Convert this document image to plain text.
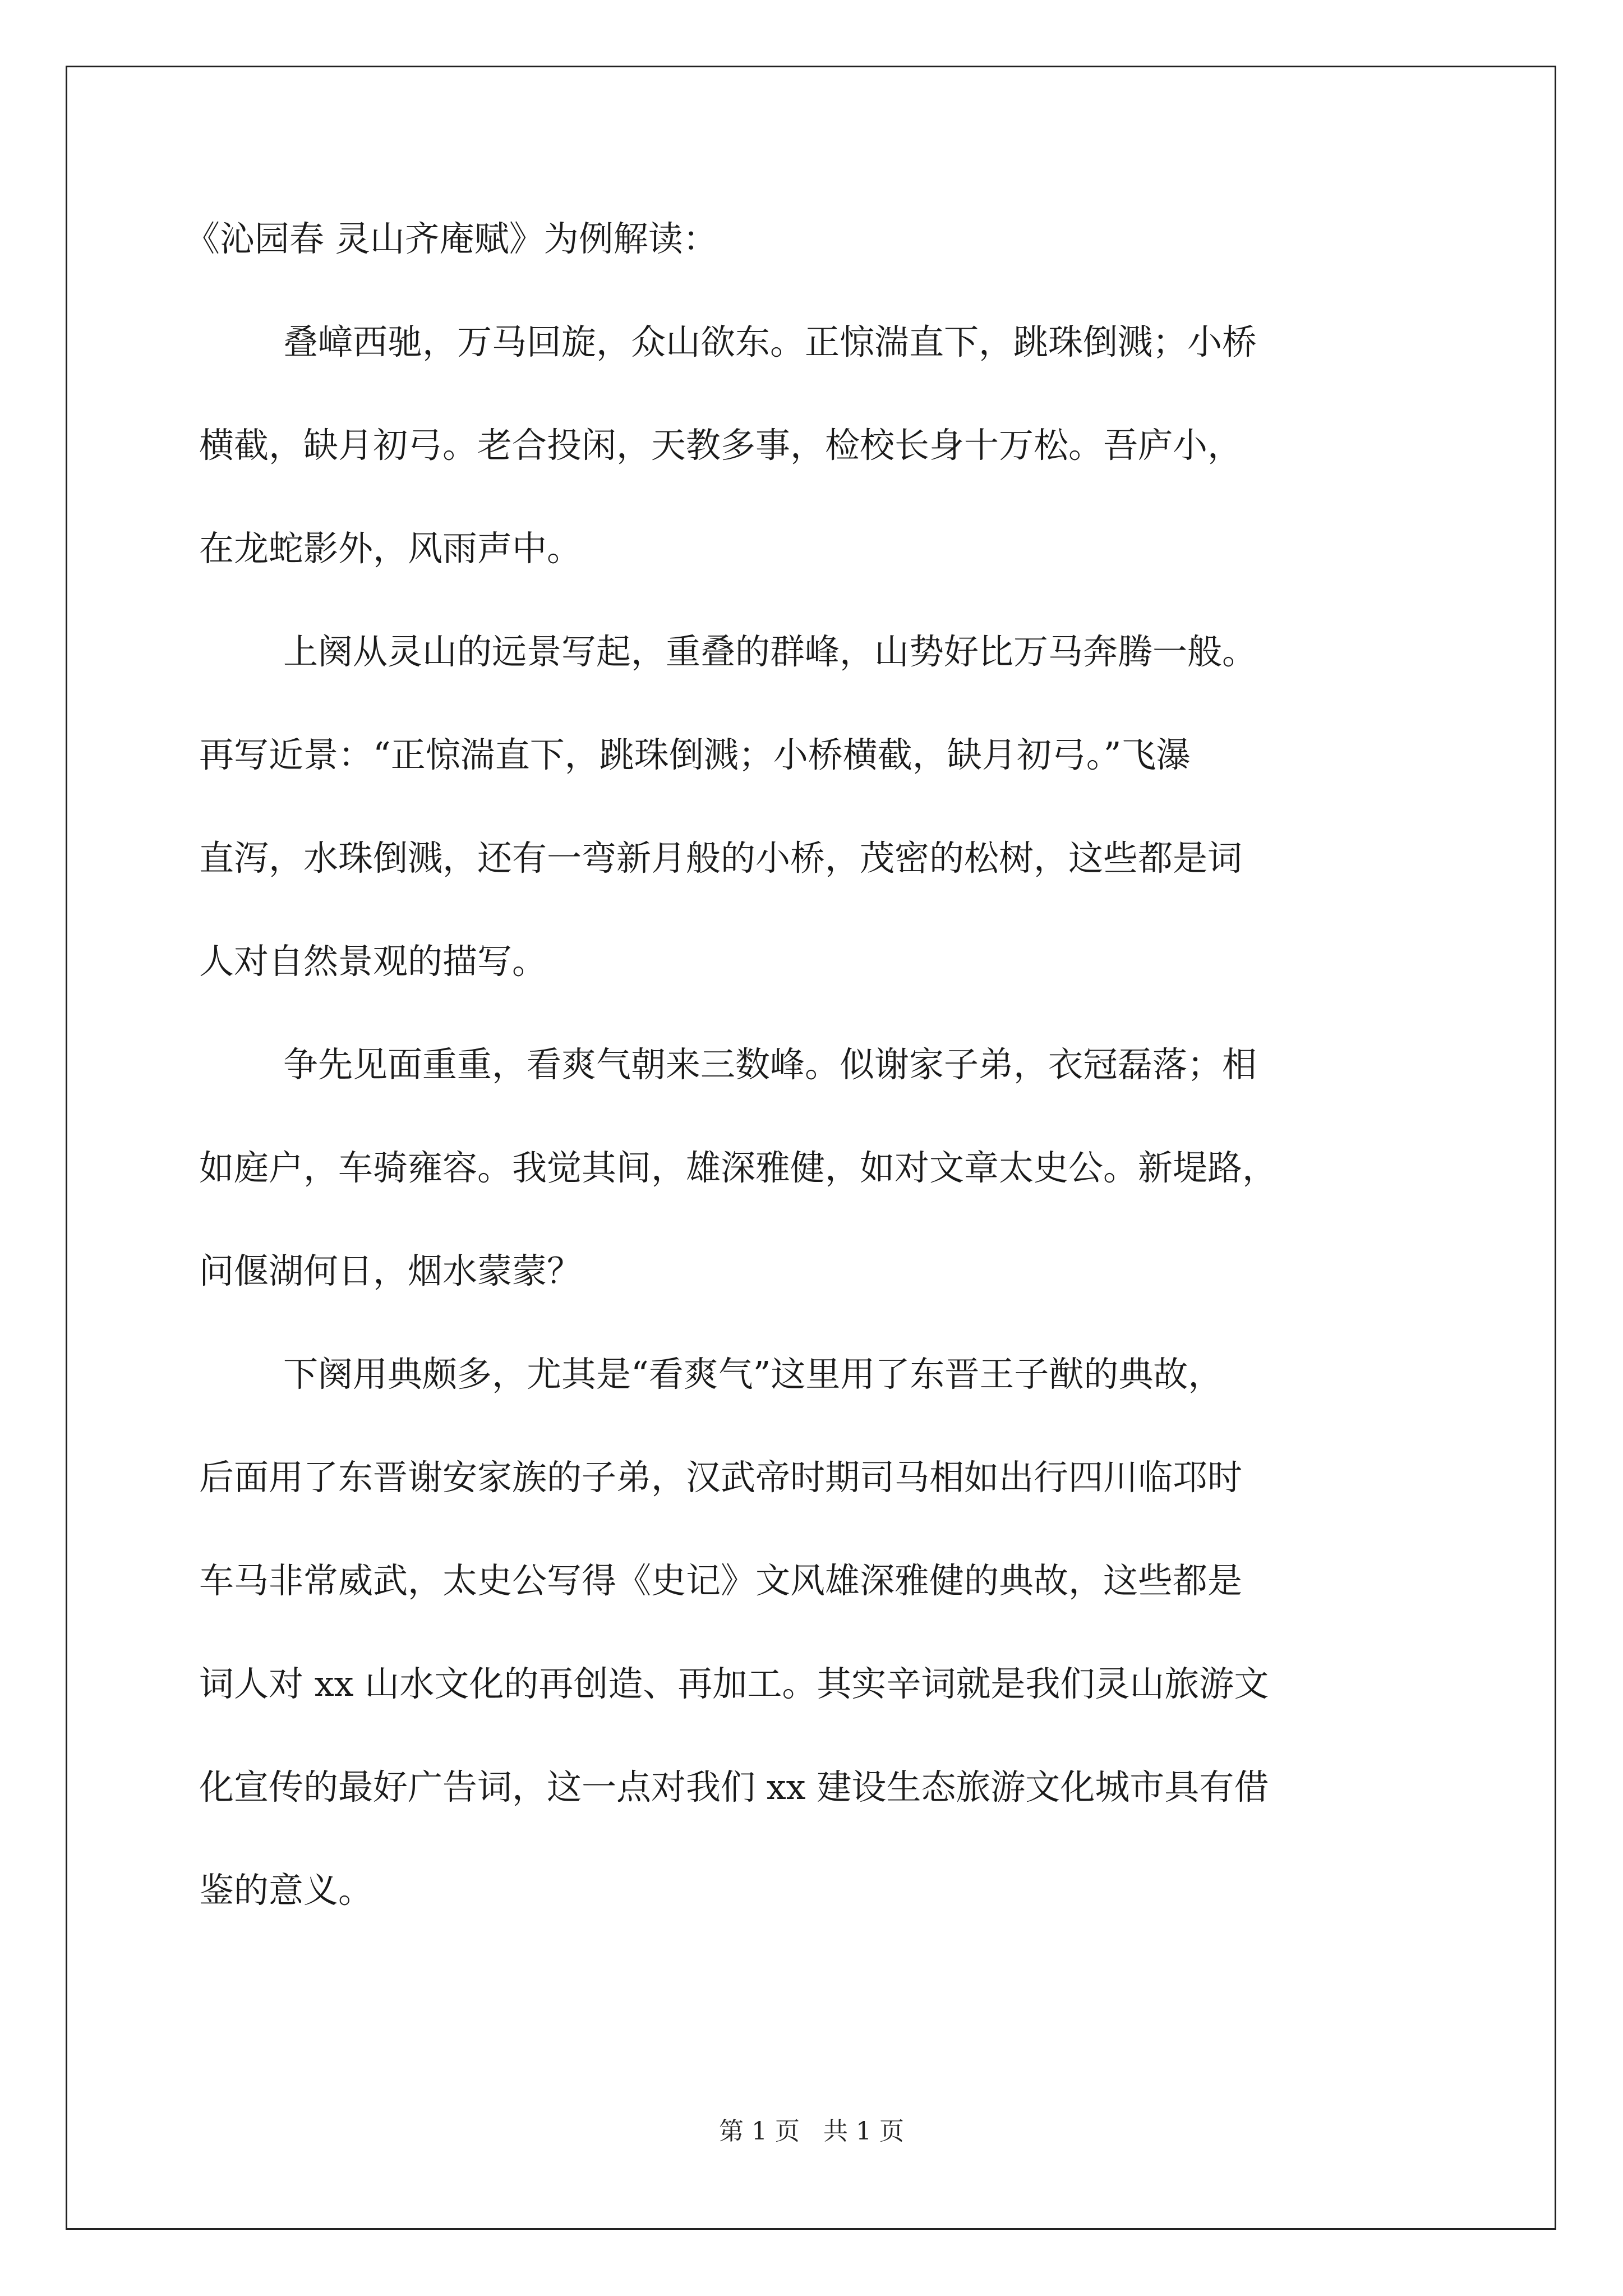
《沁园春 灵山齐庵赋》为例解读：
叠嶂西驰，万马回旋，众山欲东。正惊湍直下，跳珠倒溅；小桥
横截，缺月初弓。老合投闲，天教多事，检校长身十万松。吾庐小，
在龙蛇影外，风雨声中。
上阕从灵山的远景写起，重叠的群峰，山势好比万马奔腾一般。
再写近景：“正惊湍直下，跳珠倒溅；小桥横截，缺月初弓。”飞瀑
直泻，水珠倒溅，还有一弯新月般的小桥，茂密的松树，这些都是词
人对自然景观的描写。
争先见面重重，看爽气朝来三数峰。似谢家子弟，衣冠磊落；相
如庭户，车骑雍容。我觉其间，雄深雅健，如对文章太史公。新堤路，
问偃湖何日，烟水蒙蒙？
下阕用典颇多，尤其是“看爽气”这里用了东晋王子猷的典故，
后面用了东晋谢安家族的子弟，汉武帝时期司马相如出行四川临邛时
车马非常威武，太史公写得《史记》文风雄深雅健的典故，这些都是
词人对 xx 山水文化的再创造、再加工。其实辛词就是我们灵山旅游文
化宣传的最好广告词，这一点对我们 xx 建设生态旅游文化城市具有借
鉴的意义。
第 1 页 共 1 页
